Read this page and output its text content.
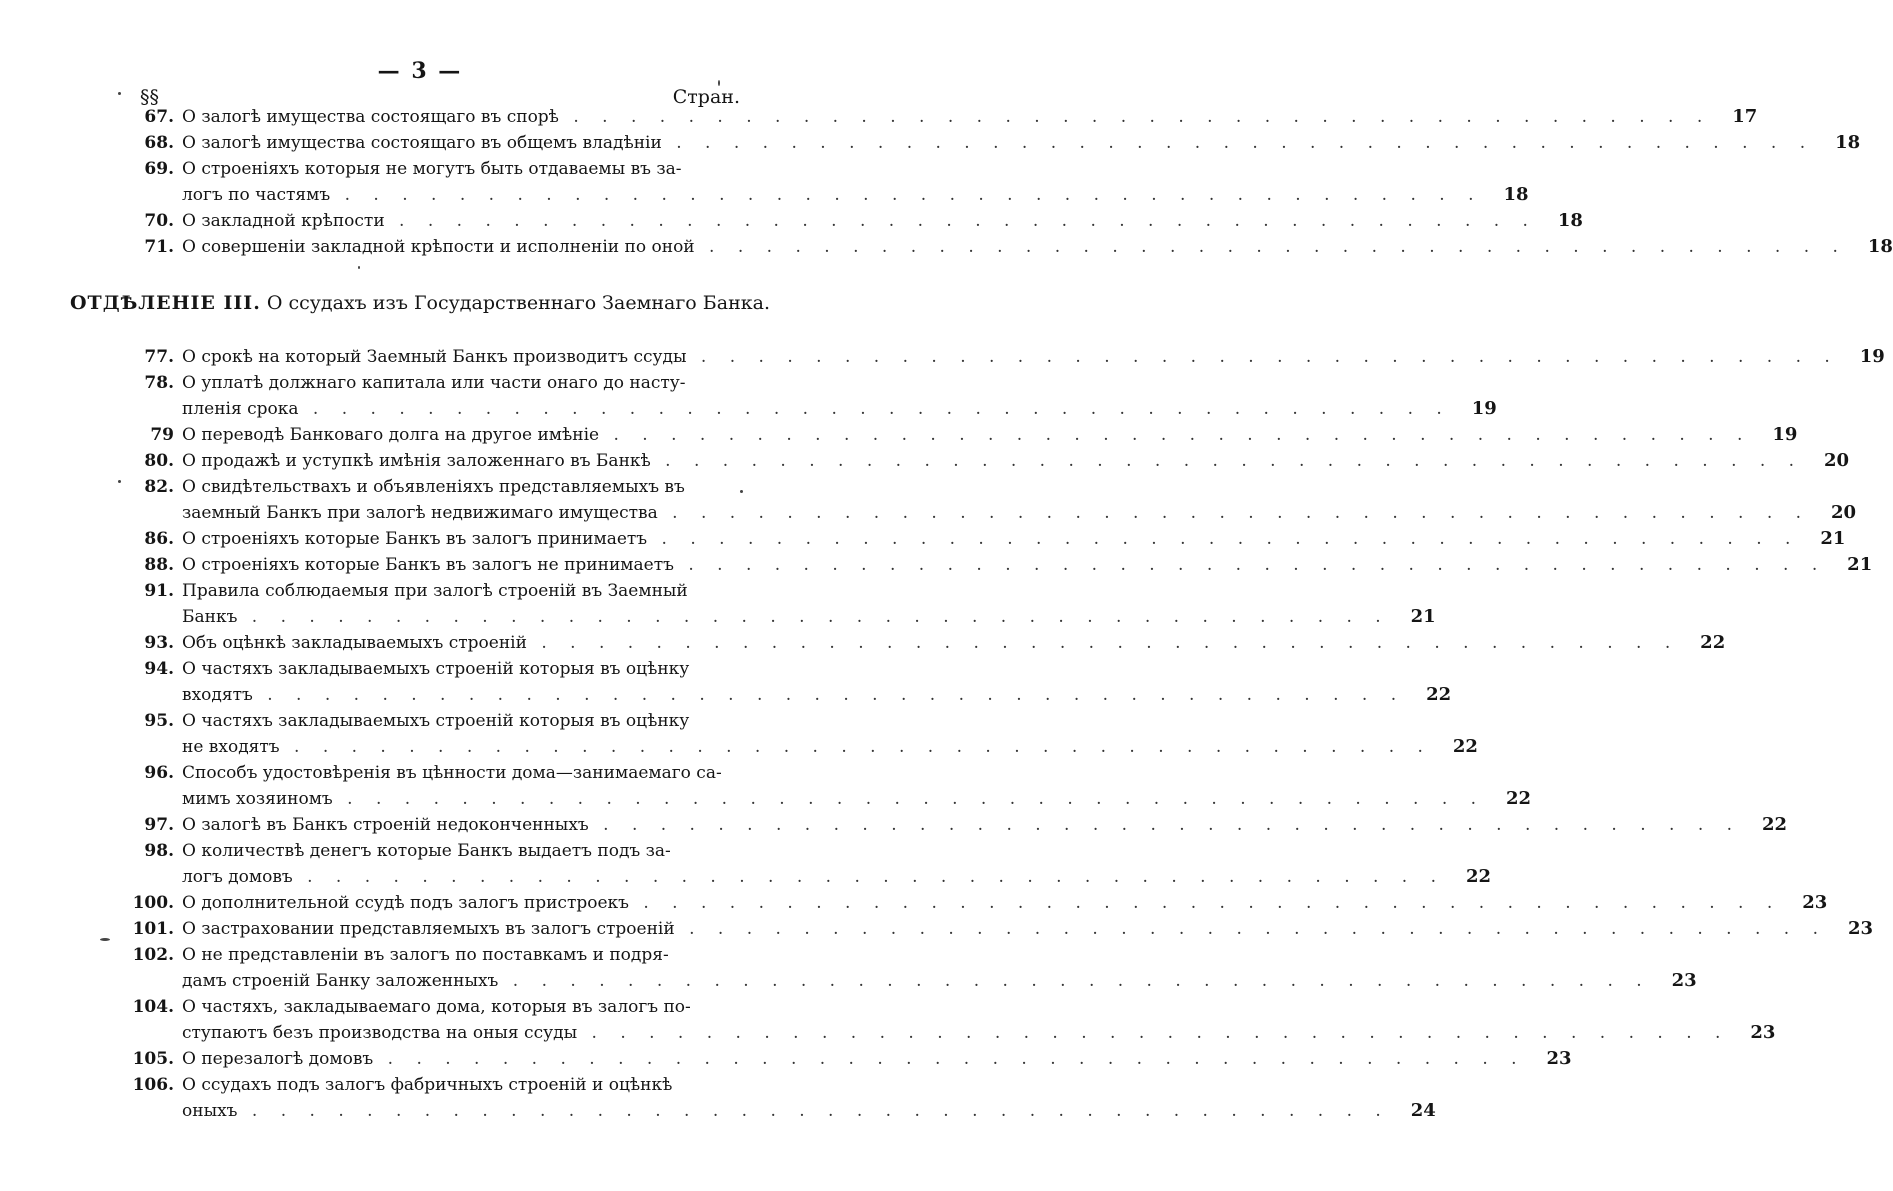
— 3 —
§§	Стран.
67. О залогѣ имущества состоящаго въ спорѣ . . . . . . . . . . . . . . . . . . . . . . . . . . . . . . . . . . . . . . . .	17
68. О залогѣ имущества состоящаго въ общемъ владѣніи . . . . . . . . . . . . . . . . . . . . . . . . . . . . . . . . . . . . . . . .	18
69. О строеніяхъ которыя не могутъ быть отдаваемы въ за-
логъ по частямъ . . . . . . . . . . . . . . . . . . . . . . . . . . . . . . . . . . . . . . . .	18
70. О закладной крѣпости . . . . . . . . . . . . . . . . . . . . . . . . . . . . . . . . . . . . . . . .	18
71. О совершеніи закладной крѣпости и исполненіи по оной . . . . . . . . . . . . . . . . . . . . . . . . . . . . . . . . . . . . . . . .	18
ОТДѢЛЕНІЕ III. О ссудахъ изъ Государственнаго Заемнаго Банка.
77. О срокѣ на который Заемный Банкъ производитъ ссуды . . . . . . . . . . . . . . . . . . . . . . . . . . . . . . . . . . . . . . . .	19
78. О уплатѣ должнаго капитала или части онаго до насту-
пленія срока . . . . . . . . . . . . . . . . . . . . . . . . . . . . . . . . . . . . . . . .	19
79 О переводѣ Банковаго долга на другое имѣніе . . . . . . . . . . . . . . . . . . . . . . . . . . . . . . . . . . . . . . . .	19
80. О продажѣ и уступкѣ имѣнія заложеннаго въ Банкѣ . . . . . . . . . . . . . . . . . . . . . . . . . . . . . . . . . . . . . . . .	20
82. О свидѣтельствахъ и объявленіяхъ представляемыхъ въ
заемный Банкъ при залогѣ недвижимаго имущества . . . . . . . . . . . . . . . . . . . . . . . . . . . . . . . . . . . . . . . .	20
86. О строеніяхъ которые Банкъ въ залогъ принимаетъ . . . . . . . . . . . . . . . . . . . . . . . . . . . . . . . . . . . . . . . .	21
88. О строеніяхъ которые Банкъ въ залогъ не принимаетъ . . . . . . . . . . . . . . . . . . . . . . . . . . . . . . . . . . . . . . . .	21
91. Правила соблюдаемыя при залогѣ строеній въ Заемный
Банкъ . . . . . . . . . . . . . . . . . . . . . . . . . . . . . . . . . . . . . . . .	21
93. Объ оцѣнкѣ закладываемыхъ строеній . . . . . . . . . . . . . . . . . . . . . . . . . . . . . . . . . . . . . . . .	22
94. О частяхъ закладываемыхъ строеній которыя въ оцѣнку
входятъ . . . . . . . . . . . . . . . . . . . . . . . . . . . . . . . . . . . . . . . .	22
95. О частяхъ закладываемыхъ строеній которыя въ оцѣнку
не входятъ . . . . . . . . . . . . . . . . . . . . . . . . . . . . . . . . . . . . . . . .	22
96. Способъ удостовѣренія въ цѣнности дома—занимаемаго са-
мимъ хозяиномъ . . . . . . . . . . . . . . . . . . . . . . . . . . . . . . . . . . . . . . . .	22
97. О залогѣ въ Банкъ строеній недоконченныхъ . . . . . . . . . . . . . . . . . . . . . . . . . . . . . . . . . . . . . . . .	22
98. О количествѣ денегъ которые Банкъ выдаетъ подъ за-
логъ домовъ . . . . . . . . . . . . . . . . . . . . . . . . . . . . . . . . . . . . . . . .	22
100. О дополнительной ссудѣ подъ залогъ пристроекъ . . . . . . . . . . . . . . . . . . . . . . . . . . . . . . . . . . . . . . . .	23
101. О застраховании представляемыхъ въ залогъ строеній . . . . . . . . . . . . . . . . . . . . . . . . . . . . . . . . . . . . . . . .	23
102. О не представленіи въ залогъ по поставкамъ и подря-
дамъ строеній Банку заложенныхъ . . . . . . . . . . . . . . . . . . . . . . . . . . . . . . . . . . . . . . . .	23
104. О частяхъ, закладываемаго дома, которыя въ залогъ по-
ступаютъ безъ производства на оныя ссуды . . . . . . . . . . . . . . . . . . . . . . . . . . . . . . . . . . . . . . . .	23
105. О перезалогѣ домовъ . . . . . . . . . . . . . . . . . . . . . . . . . . . . . . . . . . . . . . . .	23
106. О ссудахъ подъ залогъ фабричныхъ строеній и оцѣнкѣ
оныхъ . . . . . . . . . . . . . . . . . . . . . . . . . . . . . . . . . . . . . . . .	24
